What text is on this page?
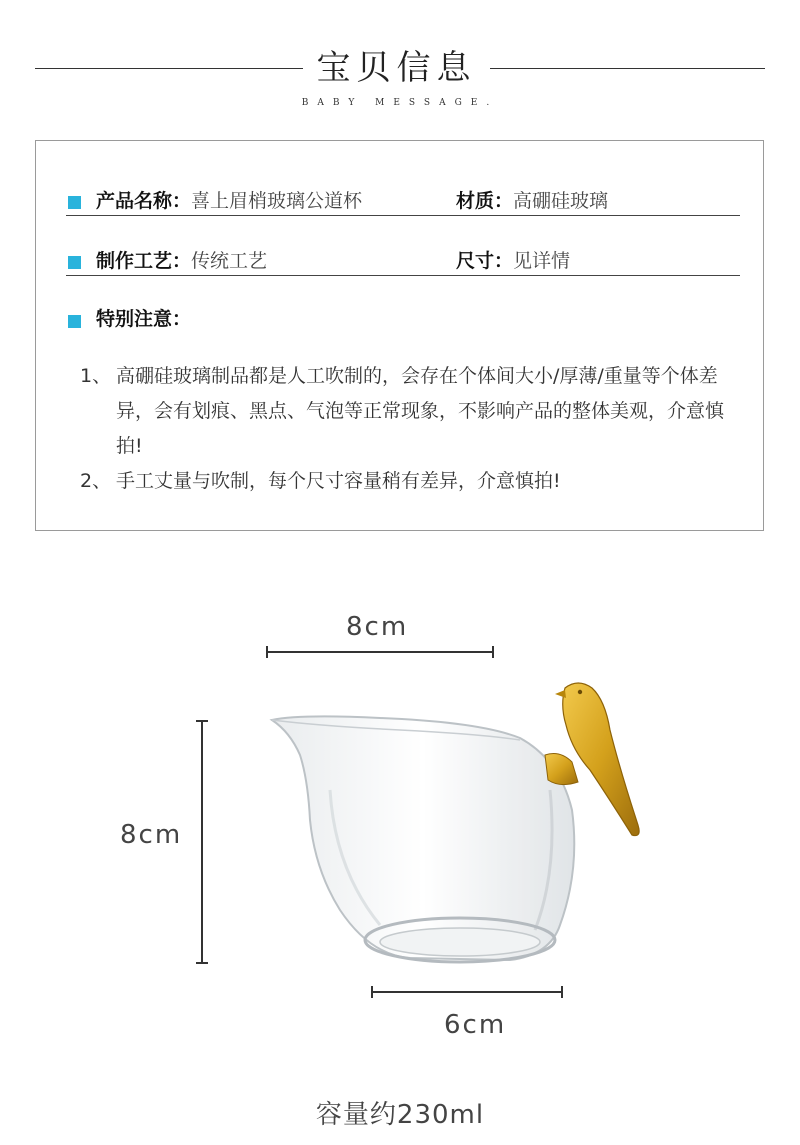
宝贝信息
BABY MESSAGE.
产品名称：喜上眉梢玻璃公道杯	材质：高硼硅玻璃
制作工艺：传统工艺	尺寸：见详情
特别注意：
1、 高硼硅玻璃制品都是人工吹制的，会存在个体间大小/厚薄/重量等个体差异，会有划痕、黑点、气泡等正常现象，不影响产品的整体美观，介意慎拍!
2、 手工丈量与吹制，每个尺寸容量稍有差异，介意慎拍!
8cm
8cm
6cm
容量约230ml
